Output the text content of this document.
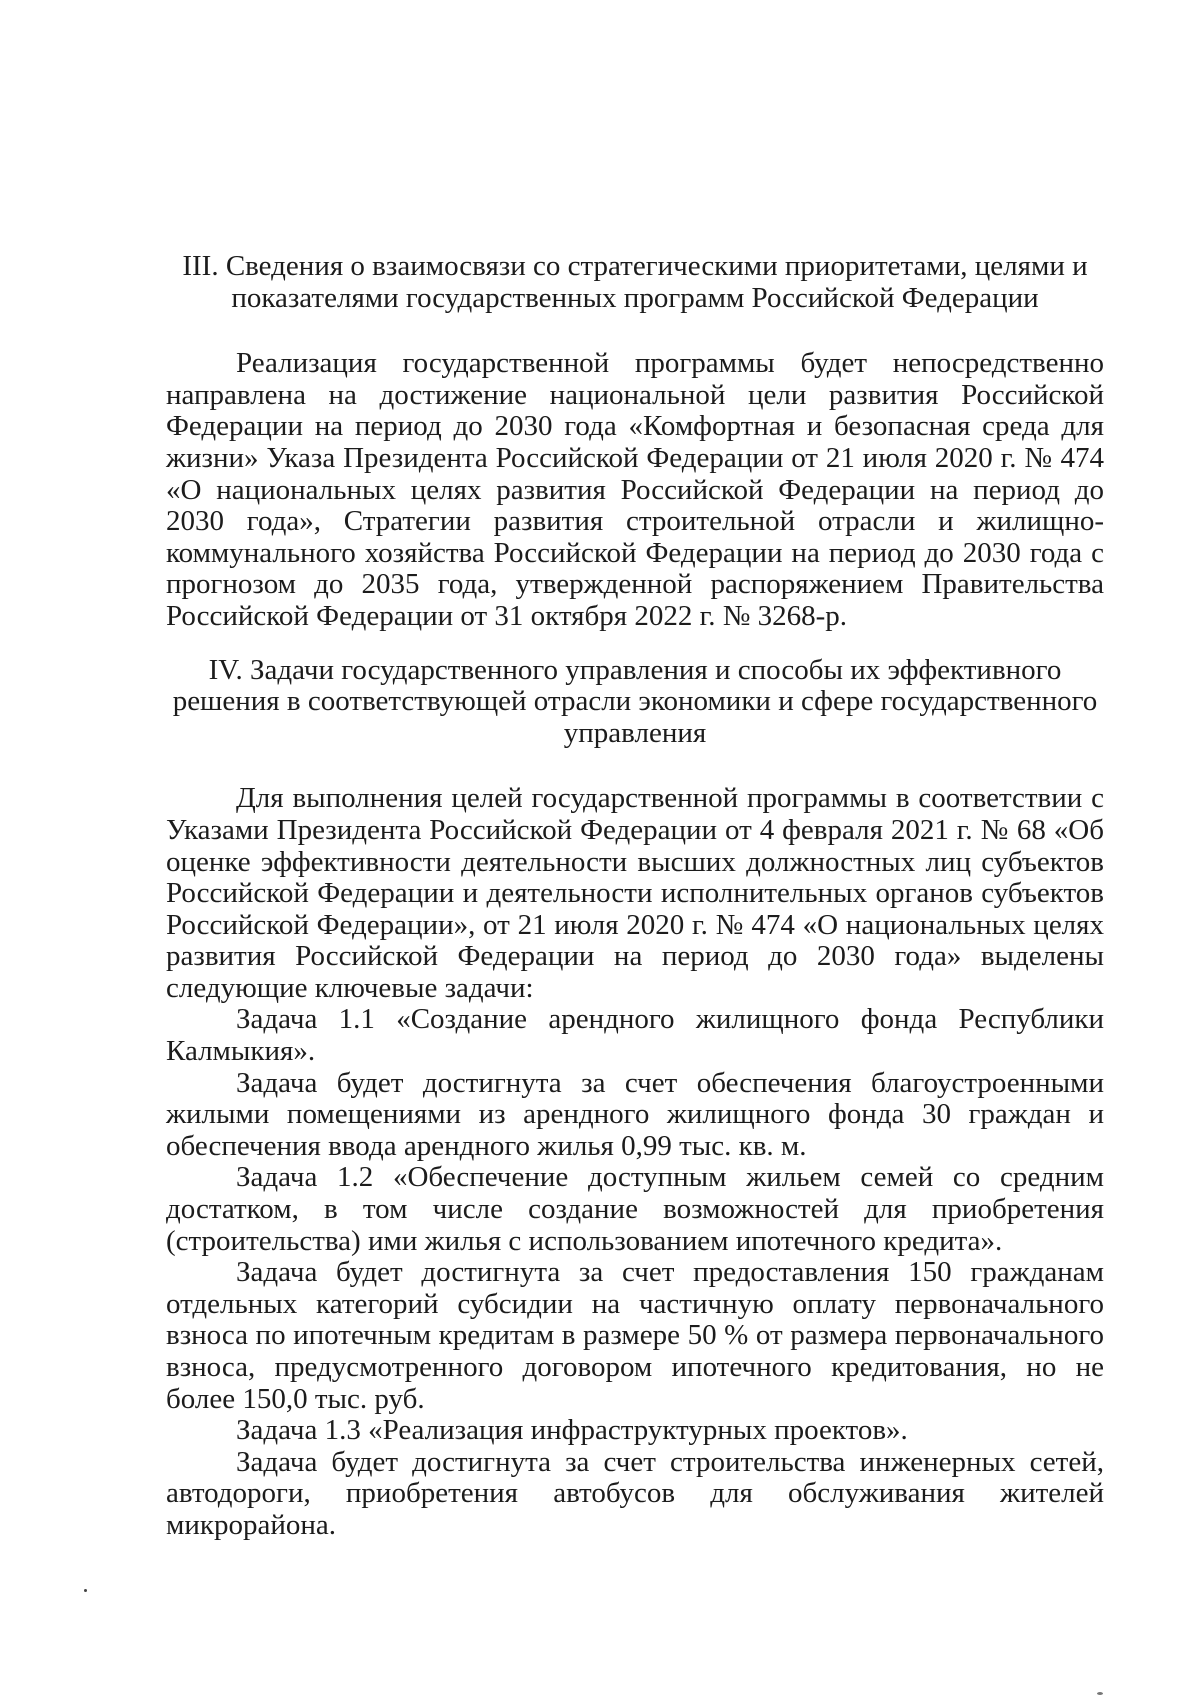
III. Сведения о взаимосвязи со стратегическими приоритетами, целями и
показателями государственных программ Российской Федерации

Реализация государственной программы будет непосредственно направлена на достижение национальной цели развития Российской Федерации на период до 2030 года «Комфортная и безопасная среда для жизни» Указа Президента Российской Федерации от 21 июля 2020 г. № 474 «О национальных целях развития Российской Федерации на период до 2030 года», Стратегии развития строительной отрасли и жилищно-коммунального хозяйства Российской Федерации на период до 2030 года с прогнозом до 2035 года, утвержденной распоряжением Правительства Российской Федерации от 31 октября 2022 г. № 3268-р.

IV. Задачи государственного управления и способы их эффективного
решения в соответствующей отрасли экономики и сфере государственного
управления

Для выполнения целей государственной программы в соответствии с Указами Президента Российской Федерации от 4 февраля 2021 г. № 68 «Об оценке эффективности деятельности высших должностных лиц субъектов Российской Федерации и деятельности исполнительных органов субъектов Российской Федерации», от 21 июля 2020 г. № 474 «О национальных целях развития Российской Федерации на период до 2030 года» выделены следующие ключевые задачи:

Задача 1.1 «Создание арендного жилищного фонда Республики Калмыкия».

Задача будет достигнута за счет обеспечения благоустроенными жилыми помещениями из арендного жилищного фонда 30 граждан и обеспечения ввода арендного жилья 0,99 тыс. кв. м.

Задача 1.2 «Обеспечение доступным жильем семей со средним достатком, в том числе создание возможностей для приобретения (строительства) ими жилья с использованием ипотечного кредита».

Задача будет достигнута за счет предоставления 150 гражданам отдельных категорий субсидии на частичную оплату первоначального взноса по ипотечным кредитам в размере 50 % от размера первоначального взноса, предусмотренного договором ипотечного кредитования, но не более 150,0 тыс. руб.

Задача 1.3 «Реализация инфраструктурных проектов».

Задача будет достигнута за счет строительства инженерных сетей, автодороги, приобретения автобусов для обслуживания жителей микрорайона.
